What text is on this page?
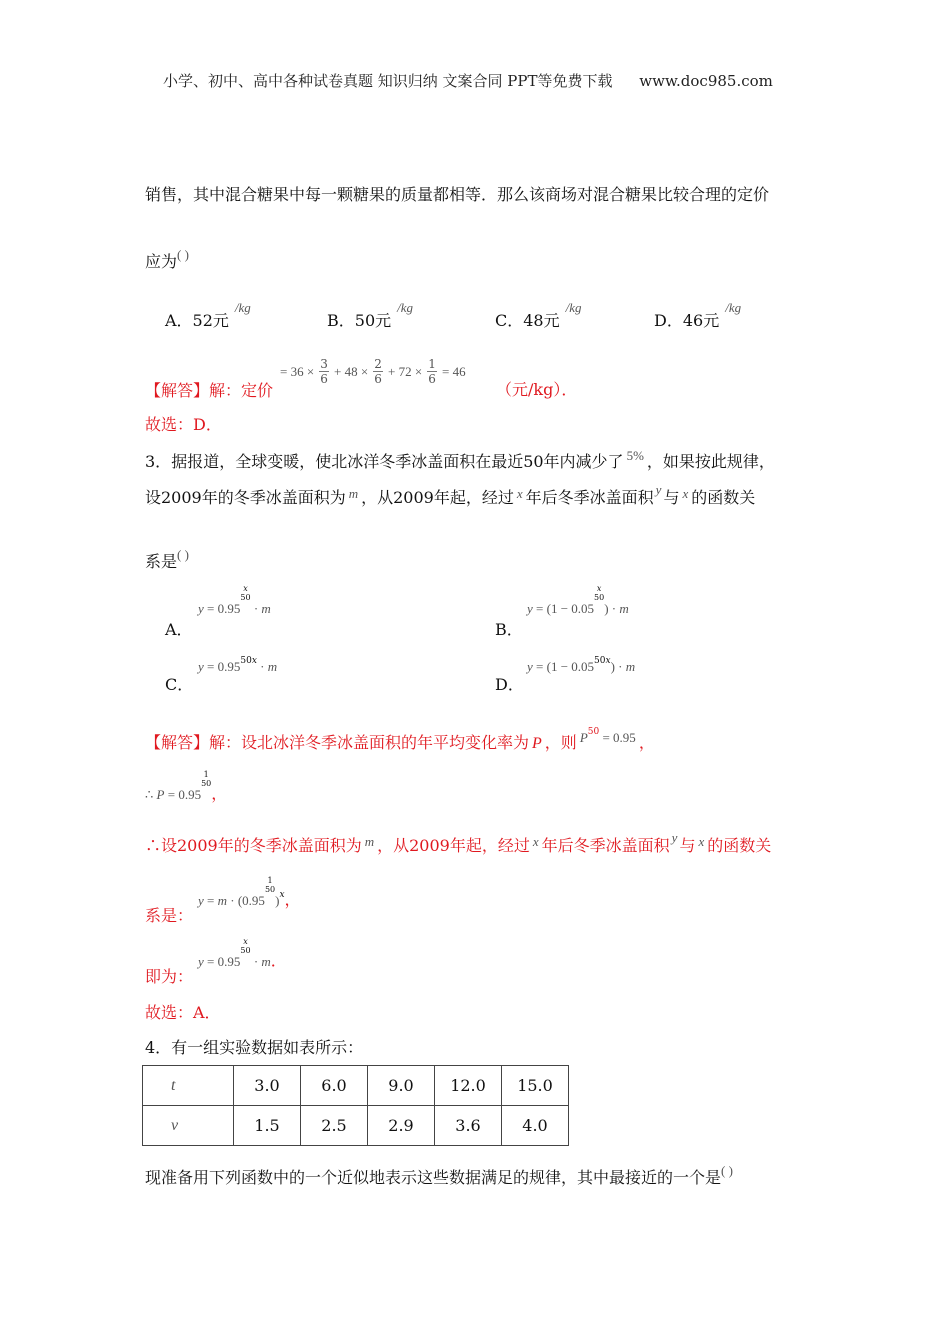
小学、初中、高中各种试卷真题 知识归纳 文案合同 PPT等免费下载 www.doc985.com
销售，其中混合糖果中每一颗糖果的质量都相等．那么该商场对混合糖果比较合理的定价
应为( )
A．52元$^{/kg}$
B．50元$^{/kg}$
C．48元$^{/kg}$
D．46元$^{/kg}$
【解答】解：定价
= $36 \times \frac{3}{6} + 48 \times \frac{2}{6} + 72 \times \frac{1}{6} = 46$
（元/kg）．
故选：D．
3．据报道，全球变暖，使北冰洋冬季冰盖面积在最近50年内减少了 $^{5\%}$ ，如果按此规律，
设2009年的冬季冰盖面积为 $^m$ ，从2009年起，经过 $^x$ 年后冬季冰盖面积 $^y$ 与 $^x$ 的函数关
系是( )
A．
y = 0.95x
50 · m
B．
y = (1 − 0.05x
50) · m
C．
$y = 0.95^{50x} \cdot m$
D．
$y = (1 - 0.05^{50x}) \cdot m$
【解答】解：设北冰洋冬季冰盖面积的年平均变化率为 P ，则 $P^{50} = 0.95$ ，
∴ P = 0.951
50，
∴设2009年的冬季冰盖面积为 $^m$ ，从2009年起，经过 $^x$ 年后冬季冰盖面积 $^y$ 与 $^x$ 的函数关
系是：
y = m · (0.951
50)$^x$，
即为：
y = 0.95x
50 · m．
故选：A．
4．有一组实验数据如表所示：
t	3.0	6.0	9.0	12.0	15.0
v	1.5	2.5	2.9	3.6	4.0
现准备用下列函数中的一个近似地表示这些数据满足的规律，其中最接近的一个是( )
